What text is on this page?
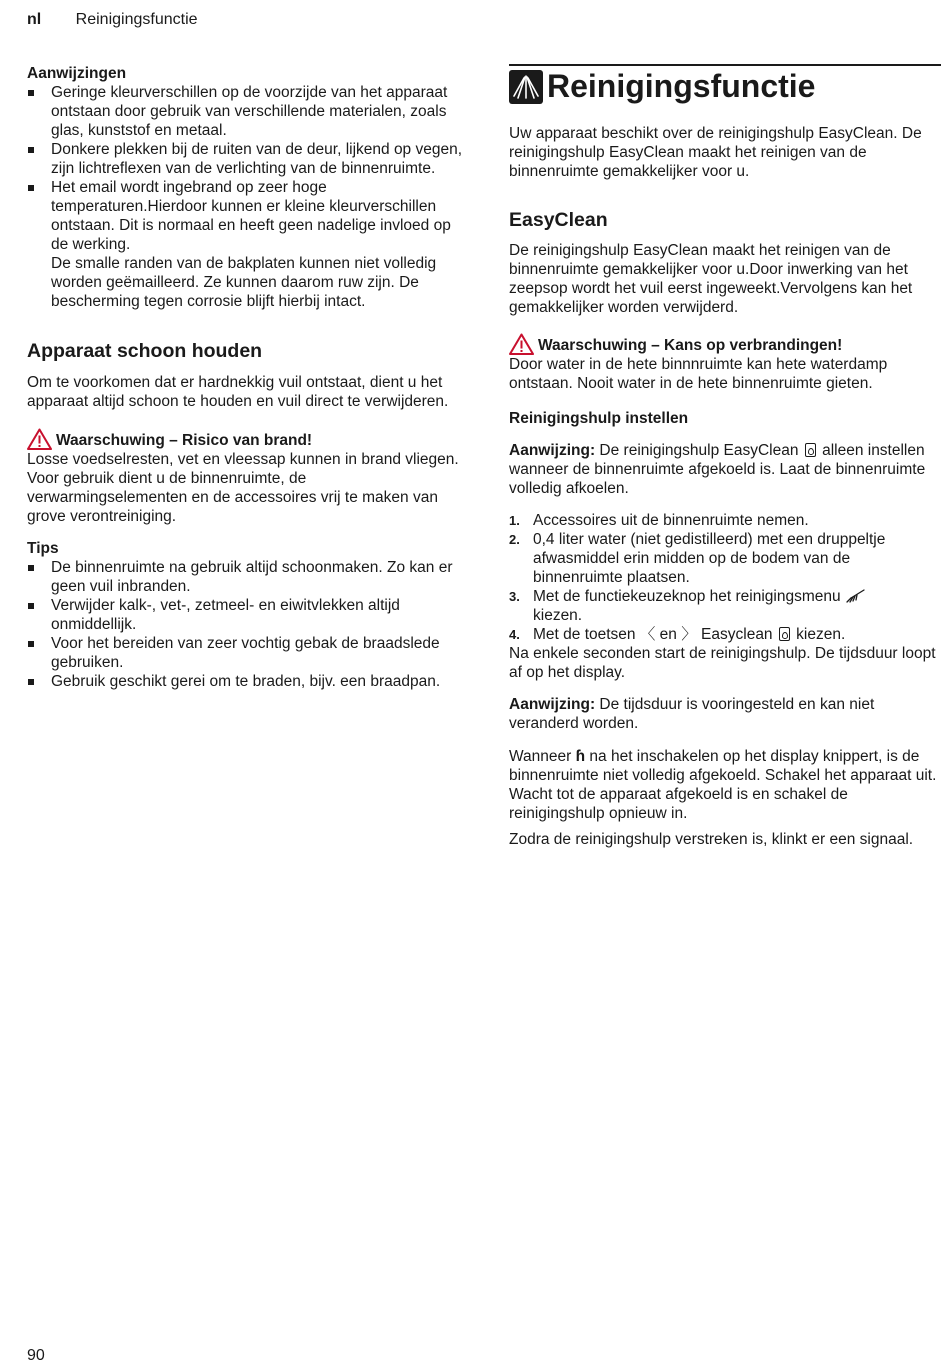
nl Reinigingsfunctie
Aanwijzingen
Geringe kleurverschillen op de voorzijde van het apparaat ontstaan door gebruik van verschillende materialen, zoals glas, kunststof en metaal.
Donkere plekken bij de ruiten van de deur, lijkend op vegen, zijn lichtreflexen van de verlichting van de binnenruimte.
Het email wordt ingebrand op zeer hoge temperaturen.Hierdoor kunnen er kleine kleurverschillen ontstaan. Dit is normaal en heeft geen nadelige invloed op de werking.

De smalle randen van de bakplaten kunnen niet volledig worden geëmailleerd. Ze kunnen daarom ruw zijn. De bescherming tegen corrosie blijft hierbij intact.

Apparaat schoon houden

Om te voorkomen dat er hardnekkig vuil ontstaat, dient u het apparaat altijd schoon te houden en vuil direct te verwijderen.

Waarschuwing – Risico van brand!

Losse voedselresten, vet en vleessap kunnen in brand vliegen. Voor gebruik dient u de binnenruimte, de verwarmingselementen en de accessoires vrij te maken van grove verontreiniging.

Tips
De binnenruimte na gebruik altijd schoonmaken. Zo kan er geen vuil inbranden.
Verwijder kalk-, vet-, zetmeel- en eiwitvlekken altijd onmiddellijk.
Voor het bereiden van zeer vochtig gebak de braadslede gebruiken.
Gebruik geschikt gerei om te braden, bijv. een braadpan.
Reinigingsfunctie

Uw apparaat beschikt over de reinigingshulp EasyClean. De reinigingshulp EasyClean maakt het reinigen van de binnenruimte gemakkelijker voor u.

EasyClean

De reinigingshulp EasyClean maakt het reinigen van de binnenruimte gemakkelijker voor u.Door inwerking van het zeepsop wordt het vuil eerst ingeweekt.Vervolgens kan het gemakkelijker worden verwijderd.

Waarschuwing – Kans op verbrandingen!

Door water in de hete binnnruimte kan hete waterdamp ontstaan. Nooit water in de hete binnenruimte gieten.

Reinigingshulp instellen

Aanwijzing: De reinigingshulp EasyClean  alleen instellen wanneer de binnenruimte afgekoeld is. Laat de binnenruimte volledig afkoelen.

1. Accessoires uit de binnenruimte nemen.
2. 0,4 liter water (niet gedistilleerd) met een druppeltje afwasmiddel erin midden op de bodem van de binnenruimte plaatsen.
3. Met de functiekeuzeknop het reinigingsmenu
kiezen.
4. Met de toetsen 〈 en 〉 Easyclean  kiezen.

Na enkele seconden start de reinigingshulp. De tijdsduur loopt af op het display.

Aanwijzing: De tijdsduur is vooringesteld en kan niet veranderd worden.

Wanneer ɦ na het inschakelen op het display knippert, is de binnenruimte niet volledig afgekoeld. Schakel het apparaat uit. Wacht tot de apparaat afgekoeld is en schakel de reinigingshulp opnieuw in.

Zodra de reinigingshulp verstreken is, klinkt er een signaal.

90
